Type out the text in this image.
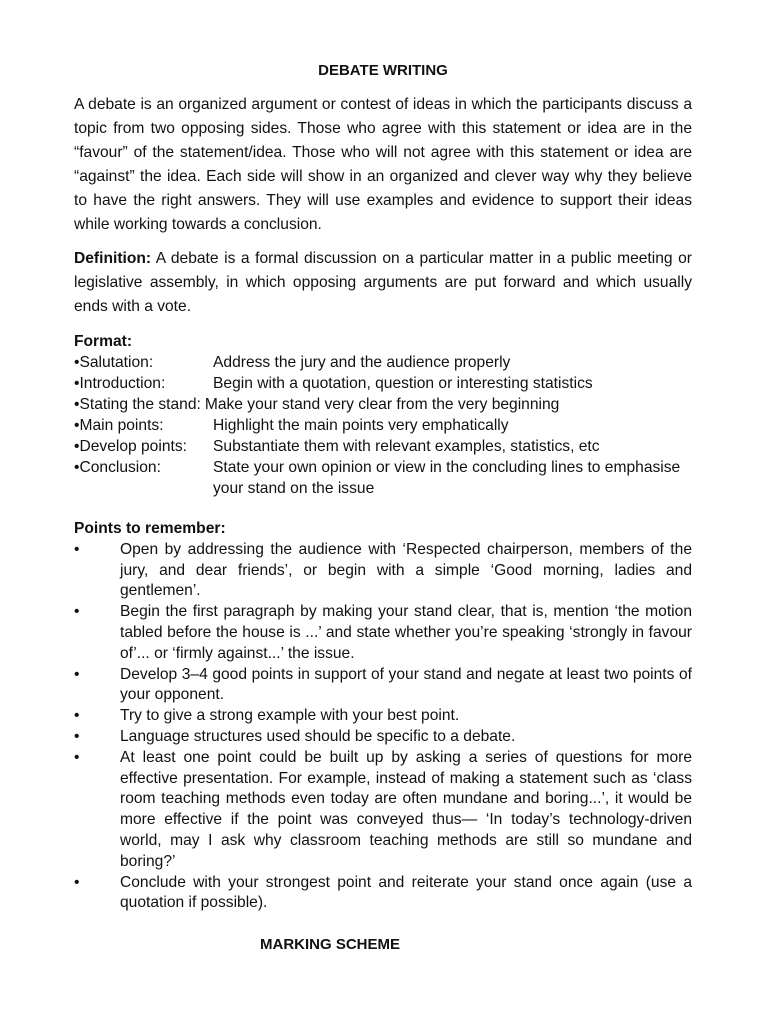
DEBATE WRITING

A debate is an organized argument or contest of ideas in which the participants discuss a topic from two opposing sides. Those who agree with this statement or idea are in the “favour” of the statement/idea. Those who will not agree with this statement or idea are “against” the idea. Each side will show in an organized and clever way why they believe to have the right answers. They will use examples and evidence to support their ideas while working towards a conclusion.

Definition: A debate is a formal discussion on a particular matter in a public meeting or legislative assembly, in which opposing arguments are put forward and which usually ends with a vote.

Format:
•Salutation:	Address the jury and the audience properly
•Introduction:	Begin with a quotation, question or interesting statistics
•Stating the stand: Make your stand very clear from the very beginning
•Main points:	Highlight the main points very emphatically
•Develop points:	Substantiate them with relevant examples, statistics, etc
•Conclusion:	State your own opinion or view in the concluding lines to emphasise your stand on the issue
Points to remember:
•	Open by addressing the audience with ‘Respected chairperson, members of the jury, and dear friends’, or begin with a simple ‘Good morning, ladies and gentlemen’.
•	Begin the first paragraph by making your stand clear, that is, mention ‘the motion tabled before the house is ...’ and state whether you’re speaking ‘strongly in favour of’... or ‘firmly against...’ the issue.
•	Develop 3–4 good points in support of your stand and negate at least two points of your opponent.
•	Try to give a strong example with your best point.
•	Language structures used should be specific to a debate.
•	At least one point could be built up by asking a series of questions for more effective presentation. For example, instead of making a statement such as ‘class room teaching methods even today are often mundane and boring...’, it would be more effective if the point was conveyed thus— ‘In today’s technology-driven world, may I ask why classroom teaching methods are still so mundane and boring?’
•	Conclude with your strongest point and reiterate your stand once again (use a quotation if possible).
MARKING SCHEME
